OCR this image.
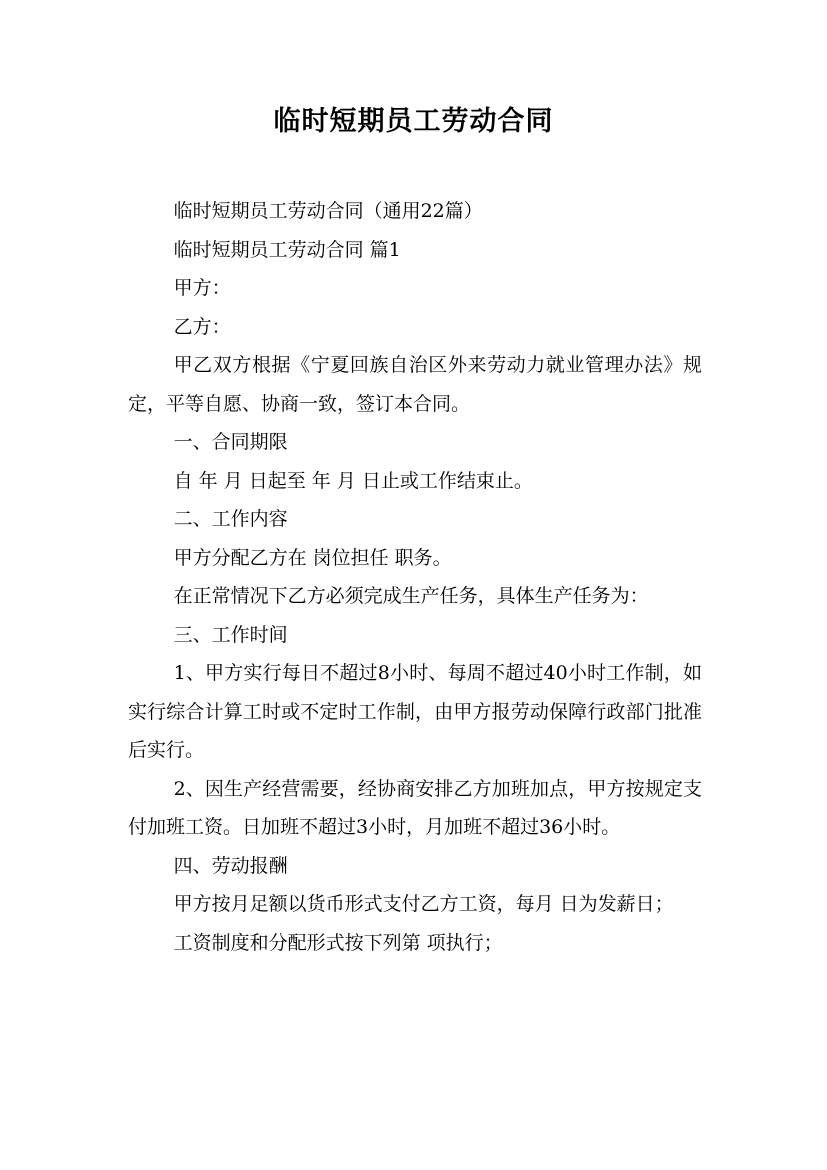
临时短期员工劳动合同

临时短期员工劳动合同（通用22篇）

临时短期员工劳动合同 篇1

甲方：

乙方：

甲乙双方根据《宁夏回族自治区外来劳动力就业管理办法》规定，平等自愿、协商一致，签订本合同。

一、合同期限

自 年 月 日起至 年 月 日止或工作结束止。

二、工作内容

甲方分配乙方在 岗位担任 职务。

在正常情况下乙方必须完成生产任务，具体生产任务为：

三、工作时间

1、甲方实行每日不超过8小时、每周不超过40小时工作制，如实行综合计算工时或不定时工作制，由甲方报劳动保障行政部门批准后实行。

2、因生产经营需要，经协商安排乙方加班加点，甲方按规定支付加班工资。日加班不超过3小时，月加班不超过36小时。

四、劳动报酬

甲方按月足额以货币形式支付乙方工资，每月 日为发薪日；

工资制度和分配形式按下列第 项执行；
